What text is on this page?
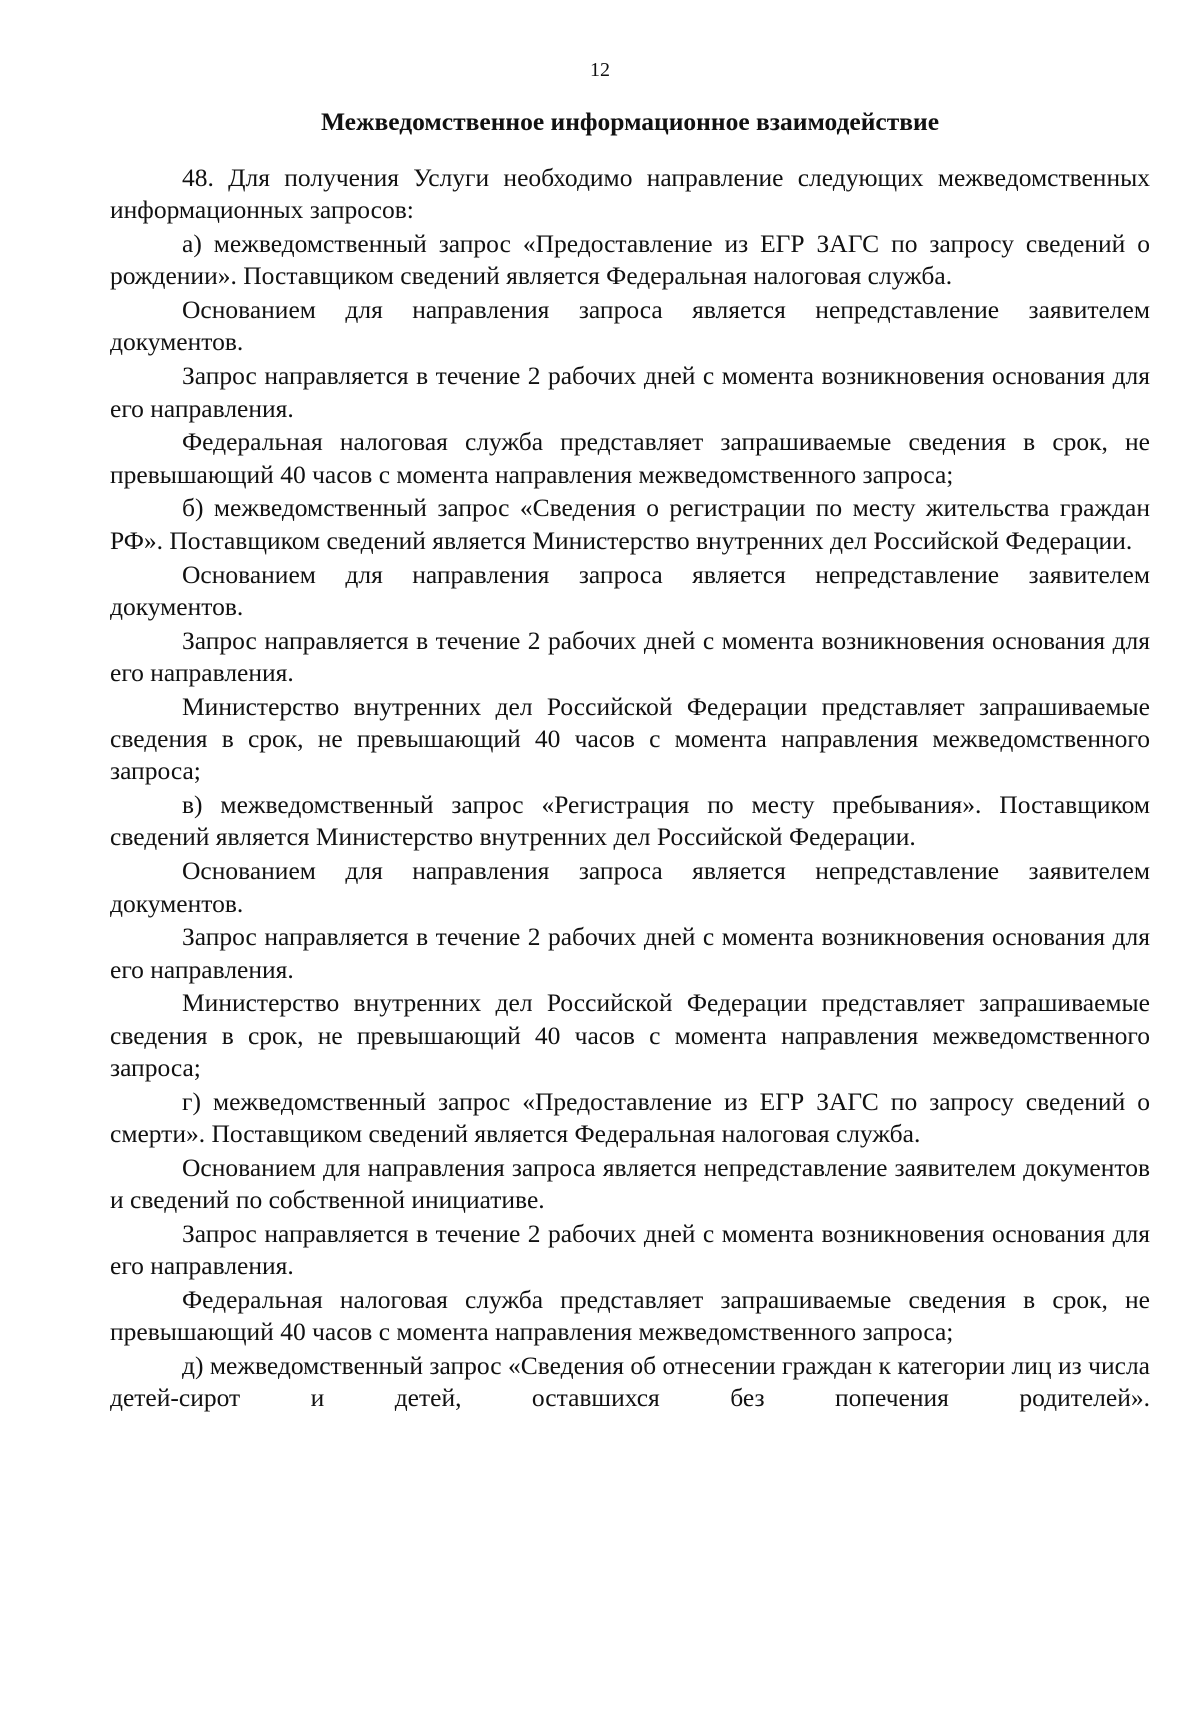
12
Межведомственное информационное взаимодействие

48. Для получения Услуги необходимо направление следующих межведомственных информационных запросов:

а) межведомственный запрос «Предоставление из ЕГР ЗАГС по запросу сведений о рождении». Поставщиком сведений является Федеральная налоговая служба.

Основанием для направления запроса является непредставление заявителем документов.

Запрос направляется в течение 2 рабочих дней с момента возникновения основания для его направления.

Федеральная налоговая служба представляет запрашиваемые сведения в срок, не превышающий 40 часов с момента направления межведомственного запроса;

б) межведомственный запрос «Сведения о регистрации по месту жительства граждан РФ». Поставщиком сведений является Министерство внутренних дел Российской Федерации.

Основанием для направления запроса является непредставление заявителем документов.

Запрос направляется в течение 2 рабочих дней с момента возникновения основания для его направления.

Министерство внутренних дел Российской Федерации представляет запрашиваемые сведения в срок, не превышающий 40 часов с момента направления межведомственного запроса;

в) межведомственный запрос «Регистрация по месту пребывания». Поставщиком сведений является Министерство внутренних дел Российской Федерации.

Основанием для направления запроса является непредставление заявителем документов.

Запрос направляется в течение 2 рабочих дней с момента возникновения основания для его направления.

Министерство внутренних дел Российской Федерации представляет запрашиваемые сведения в срок, не превышающий 40 часов с момента направления межведомственного запроса;

г) межведомственный запрос «Предоставление из ЕГР ЗАГС по запросу сведений о смерти». Поставщиком сведений является Федеральная налоговая служба.

Основанием для направления запроса является непредставление заявителем документов и сведений по собственной инициативе.

Запрос направляется в течение 2 рабочих дней с момента возникновения основания для его направления.

Федеральная налоговая служба представляет запрашиваемые сведения в срок, не превышающий 40 часов с момента направления межведомственного запроса;

д) межведомственный запрос «Сведения об отнесении граждан к категории лиц из числа детей-сирот и детей, оставшихся без попечения родителей».
